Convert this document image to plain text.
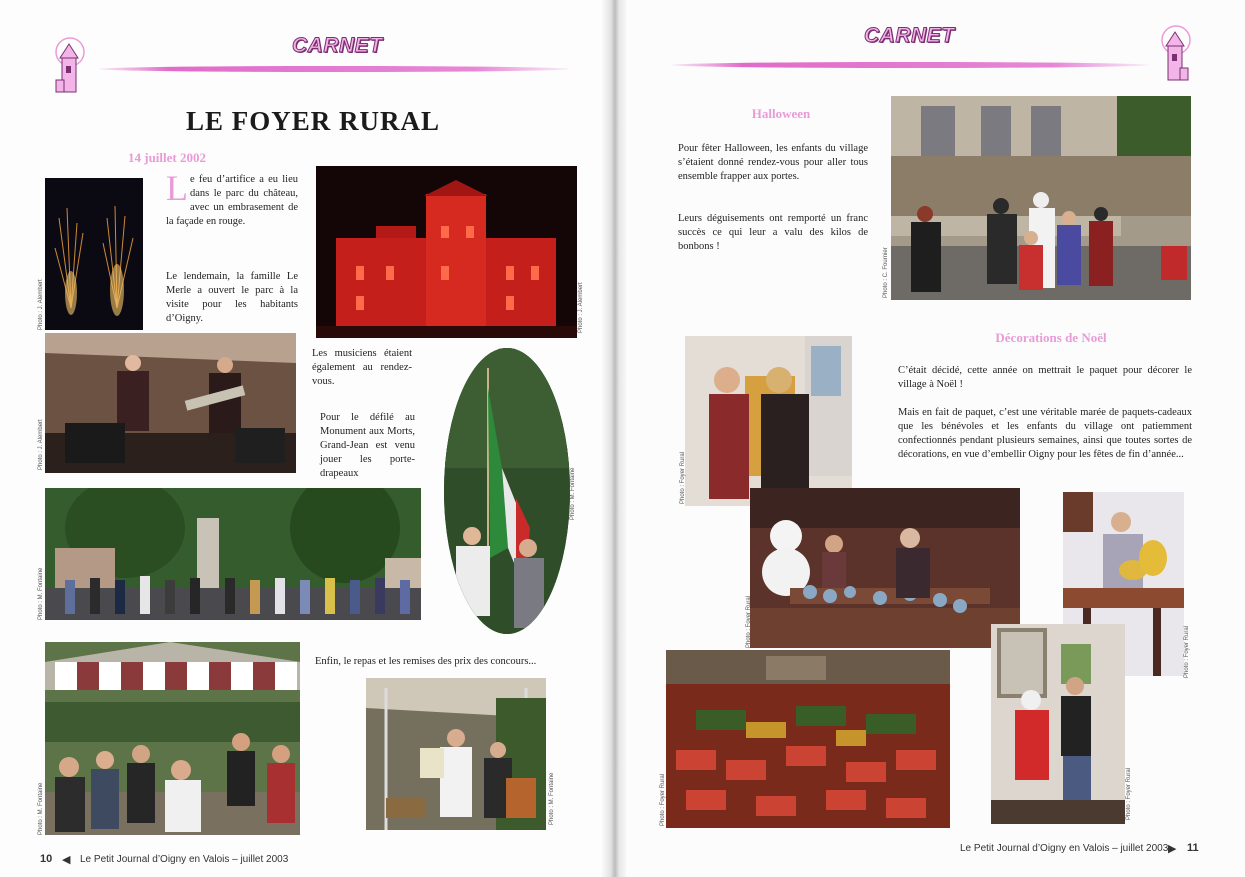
CARNET
LE FOYER RURAL
14 juillet 2002
Photo : J. Alembert
Le feu d’artifice a eu lieu dans le parc du château, avec un embrasement de la façade en rouge.
Le lendemain, la famille Le Merle a ouvert le parc à la visite pour les habitants d’Oigny.	Photo : J. Alembert
Photo : J. Alembert
Les musiciens étaient également au rendez-vous.
Pour le défilé au Monument aux Morts, Grand-Jean est venu jouer les porte-drapeaux	Photo : M. Fontaine
Photo : M. Fontaine
Enfin, le repas et les remises des prix des concours...
Photo : M. Fontaine	Photo : M. Fontaine
10 ◀ Le Petit Journal d’Oigny en Valois – juillet 2003
CARNET
Halloween
Pour fêter Halloween, les enfants du village s’étaient donné rendez-vous pour aller tous ensemble frapper aux portes.
Leurs déguisements ont remporté un franc succès ce qui leur a valu des kilos de bonbons !
Photo : C. Fournier
Décorations de Noël
C’était décidé, cette année on mettrait le paquet pour décorer le village à Noël !
Mais en fait de paquet, c’est une véritable marée de paquets-cadeaux que les bénévoles et les enfants du village ont patiemment confectionnés pendant plusieurs semaines, ainsi que toutes sortes de décorations, en vue d’embellir Oigny pour les fêtes de fin d’année...
Photo : Foyer Rural
Photo : Foyer Rural
Photo : Foyer Rural
Photo : Foyer Rural	Photo : Foyer Rural
Le Petit Journal d’Oigny en Valois – juillet 2003 ▶ 11
